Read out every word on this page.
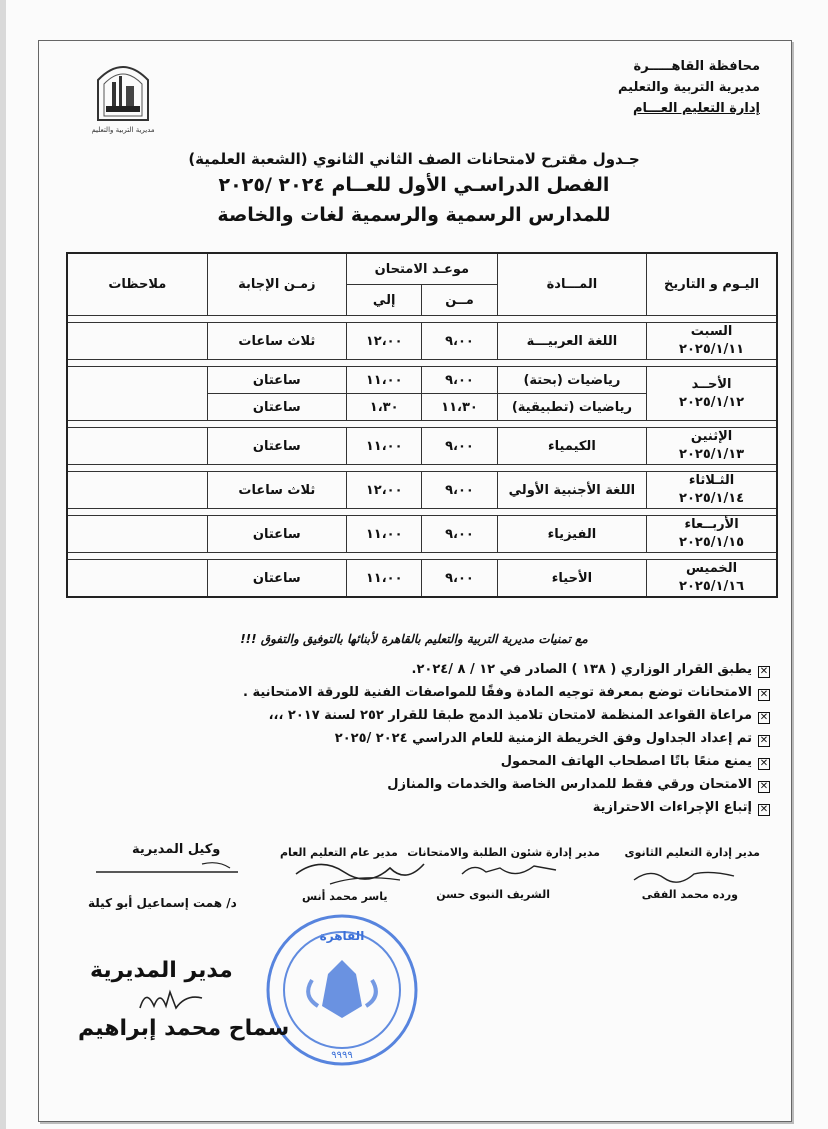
محافظة القاهـــــرة
مديرية التربية والتعليم
إدارة التعليم العـــام
مديرية التربية والتعليم
جـدول مقترح لامتحانات الصف الثاني الثانوي (الشعبة العلمية)
الفصل الدراسـي الأول للعــام ٢٠٢٤ /٢٠٢٥
للمدارس الرسمية والرسمية لغات والخاصة
اليـوم و التاريخ	المـــادة	موعـد الامتحان		زمـن الإجابة	ملاحظات
		مــن	إلي		

السبت
٢٠٢٥/١/١١	اللغة العربيـــة	٩،٠٠	١٢،٠٠	ثلاث ساعات	

الأحــد
٢٠٢٥/١/١٢	رياضيات (بحتة)	٩،٠٠	١١،٠٠	ساعتان	
	رياضيات (تطبيقية)	١١،٣٠	١،٣٠	ساعتان	

الإثنين
٢٠٢٥/١/١٣	الكيمياء	٩،٠٠	١١،٠٠	ساعتان	

الثـلاثاء
٢٠٢٥/١/١٤	اللغة الأجنبية الأولي	٩،٠٠	١٢،٠٠	ثلاث ساعات	

الأربــعاء
٢٠٢٥/١/١٥	الفيزياء	٩،٠٠	١١،٠٠	ساعتان	

الخميس
٢٠٢٥/١/١٦	الأحياء	٩،٠٠	١١،٠٠	ساعتان	
مع تمنيات مديرية التربية والتعليم بالقاهرة لأبنائها بالتوفيق والتفوق !!!
✕يطبق القرار الوزاري ( ١٣٨ ) الصادر في ١٢ / ٨ /٢٠٢٤.
✕الامتحانات توضع بمعرفة توجيه المادة وفقًا للمواصفات الفنية للورقة الامتحانية .
✕مراعاة القواعد المنظمة لامتحان تلاميذ الدمج طبقا للقرار ٢٥٢ لسنة ٢٠١٧ ،،،
✕تم إعداد الجداول وفق الخريطة الزمنية للعام الدراسي ٢٠٢٤ /٢٠٢٥
✕يمنع منعًا باتًا اصطحاب الهاتف المحمول
✕الامتحان ورقي فقط للمدارس الخاصة والخدمات والمنازل
✕إتباع الإجراءات الاحترازية
مدير إدارة التعليم الثانوى
ورده محمد الفقى
مدير إدارة شئون الطلبة والامتحانات
الشريف النبوى حسن
مدير عام التعليم العام
ياسر محمد أنس
وكيل المديرية
د/ همت إسماعيل أبو كيلة
القاهرة
٩٩٩٩
مدير المديرية
سماح محمد إبراهيم
